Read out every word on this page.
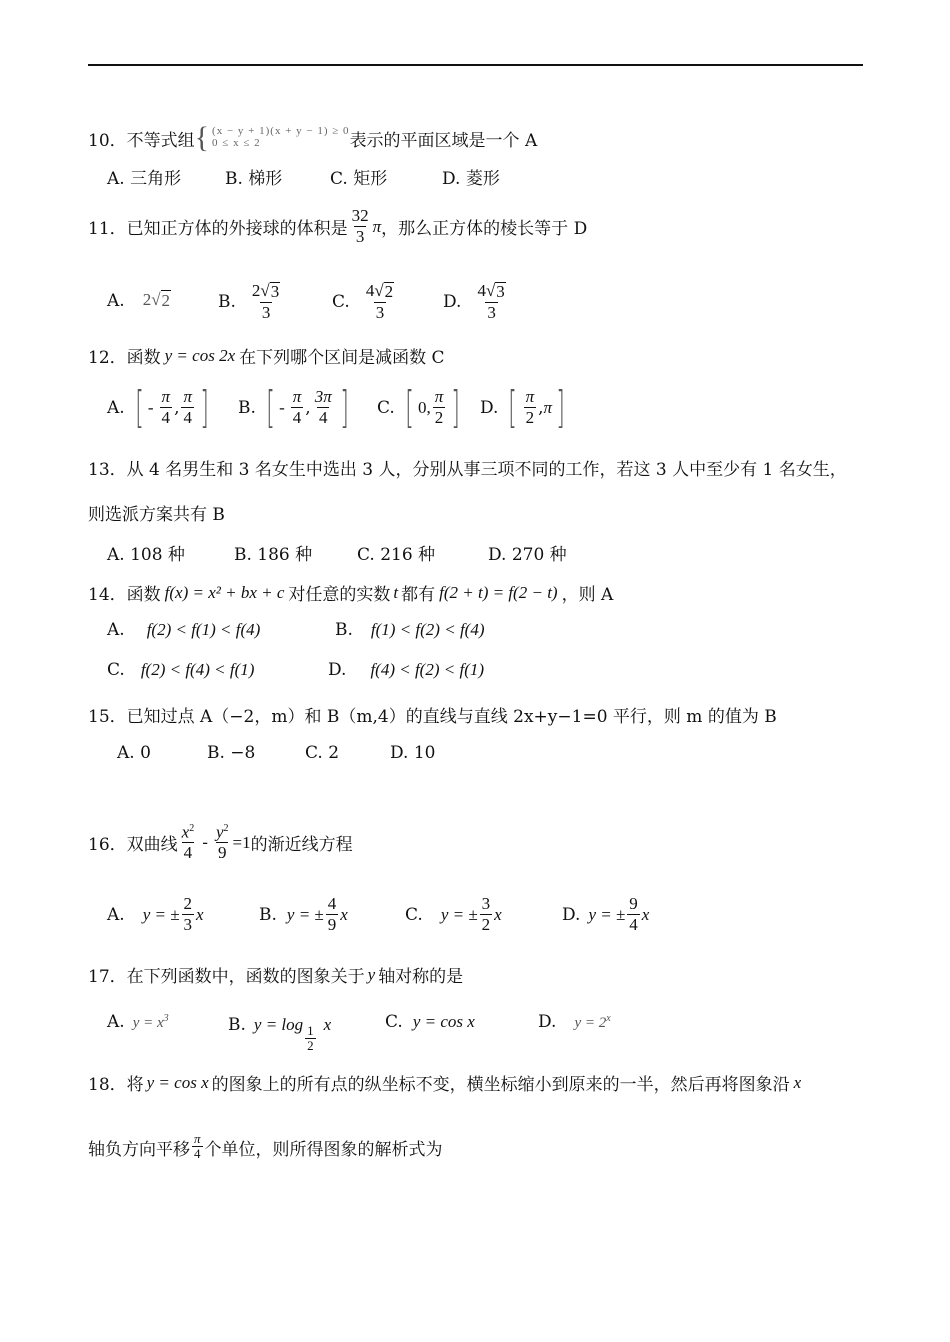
10．不等式组 { (x − y + 1)(x + y − 1) ≥ 0
0 ≤ x ≤ 2	表示的平面区域是一个 A
A. 三角形	B. 梯形	C. 矩形	D. 菱形
11．已知正方体的外接球的体积是 $\frac{32}{3}$ π ，那么正方体的棱长等于 D
A. 2√ 2	B. $\frac{2√ 3}{3}$	C. $\frac{4√ 2}{3}$	D. $\frac{4√ 3}{3}$
12．函数 y = cos 2x 在下列哪个区间是减函数 C
A. [ - $\frac{\pi}{4}$ , $\frac{\pi}{4}$ ] B. [ - $\frac{\pi}{4}$ , $\frac{3\pi}{4}$ ] C. [ 0, $\frac{\pi}{2}$ ] D. [ $\frac{\pi}{2}$ , π ]
13．从 4 名男生和 3 名女生中选出 3 人，分别从事三项不同的工作，若这 3 人中至少有 1 名女生，
则选派方案共有 B
A. 108 种	B. 186 种	C. 216 种	D. 270 种
14．函数 f(x) = x² + bx + c 对任意的实数 t 都有 f(2 + t) = f(2 − t) ，则 A
A. f(2) < f(1) < f(4)	B. f(1) < f(2) < f(4)
C. f(2) < f(4) < f(1)	D. f(4) < f(2) < f(1)
15．已知过点 A（−2，m）和 B（m,4）的直线与直线 2x+y−1=0 平行，则 m 的值为 B
A. 0	B. −8	C. 2	D. 10
16．双曲线 $\frac{x^2}{4} - \frac{y^2}{9} =1$ 的渐近线方程
A. y = ± $\frac{2}{3}$ x	B. y = ± $\frac{4}{9}$ x	C. y = ± $\frac{3}{2}$ x	D. y = ± $\frac{9}{4}$ x
17．在下列函数中，函数的图象关于 y 轴对称的是
A. $y = x^3$	B. $y = \log \frac{1}{2}$ x	C. y = cos x	D. $y = 2^x$
18．将 y = cos x 的图象上的所有点的纵坐标不变，横坐标缩小到原来的一半，然后再将图象沿 x
轴负方向平移 $\frac{\pi}{4}$ 个单位，则所得图象的解析式为
